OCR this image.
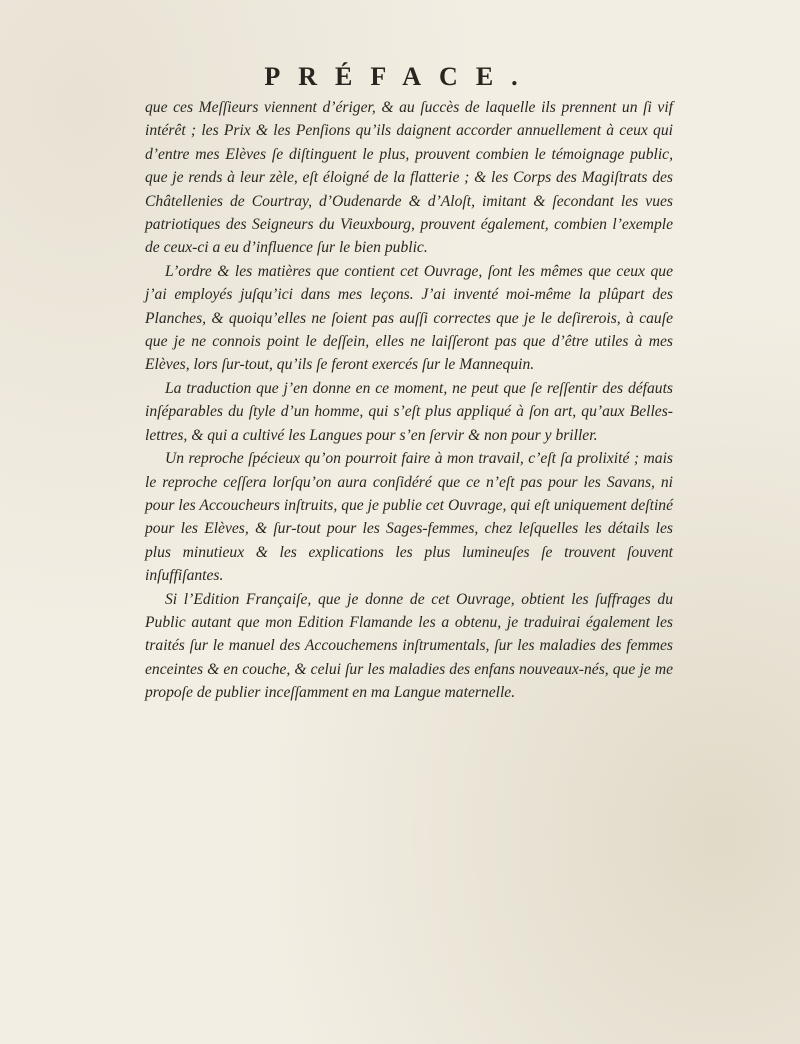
PRÉFACE.

que ces Meſſieurs viennent d’ériger, & au ſuccès de laquelle ils prennent un ſi vif intérêt ; les Prix & les Penſions qu’ils daignent accorder annuellement à ceux qui d’entre mes Elèves ſe diſtinguent le plus, prouvent combien le témoignage public, que je rends à leur zèle, eſt éloigné de la flatterie ; & les Corps des Magiſtrats des Châtellenies de Courtray, d’Oudenarde & d’Aloſt, imitant & ſecondant les vues patriotiques des Seigneurs du Vieuxbourg, prouvent également, combien l’exemple de ceux-ci a eu d’influence ſur le bien public.

L’ordre & les matières que contient cet Ouvrage, ſont les mêmes que ceux que j’ai employés juſqu’ici dans mes leçons. J’ai inventé moi-même la plûpart des Planches, & quoiqu’elles ne ſoient pas auſſi correctes que je le deſirerois, à cauſe que je ne connois point le deſſein, elles ne laiſſeront pas que d’être utiles à mes Elèves, lors ſur-tout, qu’ils ſe feront exercés ſur le Mannequin.

La traduction que j’en donne en ce moment, ne peut que ſe reſſentir des défauts inſéparables du ſtyle d’un homme, qui s’eſt plus appliqué à ſon art, qu’aux Belles-lettres, & qui a cultivé les Langues pour s’en ſervir & non pour y briller.

Un reproche ſpécieux qu’on pourroit faire à mon travail, c’eſt ſa prolixité ; mais le reproche ceſſera lorſqu’on aura conſidéré que ce n’eſt pas pour les Savans, ni pour les Accoucheurs inſtruits, que je publie cet Ouvrage, qui eſt uniquement deſtiné pour les Elèves, & ſur-tout pour les Sages-femmes, chez leſquelles les détails les plus minutieux & les explications les plus lumineuſes ſe trouvent ſouvent inſuffiſantes.

Si l’Edition Françaiſe, que je donne de cet Ouvrage, obtient les ſuffrages du Public autant que mon Edition Flamande les a obtenu, je traduirai également les traités ſur le manuel des Accouchemens inſtrumentals, ſur les maladies des femmes enceintes & en couche, & celui ſur les maladies des enfans nouveaux-nés, que je me propoſe de publier inceſſamment en ma Langue maternelle.
